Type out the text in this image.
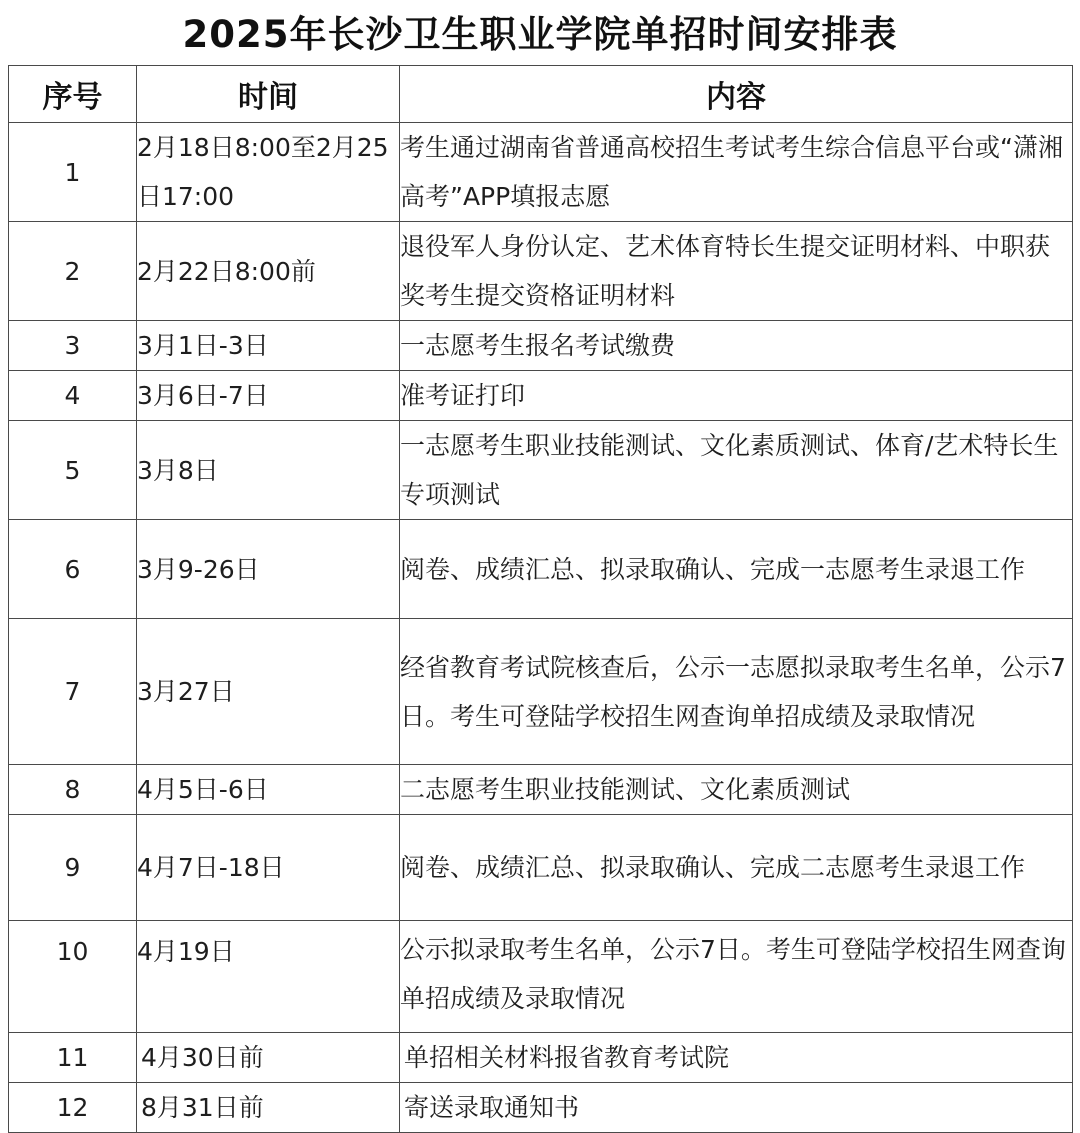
2025年长沙卫生职业学院单招时间安排表
序号	时间	内容
1	2月18日8:00至2月25日17:00	考生通过湖南省普通高校招生考试考生综合信息平台或“潇湘高考”APP填报志愿

2	2月22日8:00前	退役军人身份认定、艺术体育特长生提交证明材料、中职获奖考生提交资格证明材料

3	3月1日-3日	一志愿考生报名考试缴费
4	3月6日-7日	准考证打印
5	3月8日	一志愿考生职业技能测试、文化素质测试、体育/艺术特长生专项测试

6	3月9-26日	阅卷、成绩汇总、拟录取确认、完成一志愿考生录退工作

7	3月27日	经省教育考试院核查后，公示一志愿拟录取考生名单，公示7日。考生可登陆学校招生网查询单招成绩及录取情况

8	4月5日-6日	二志愿考生职业技能测试、文化素质测试
9	4月7日-18日	阅卷、成绩汇总、拟录取确认、完成二志愿考生录退工作

10	4月19日	公示拟录取考生名单，公示7日。考生可登陆学校招生网查询单招成绩及录取情况

11	4月30日前	单招相关材料报省教育考试院
12	8月31日前	寄送录取通知书
